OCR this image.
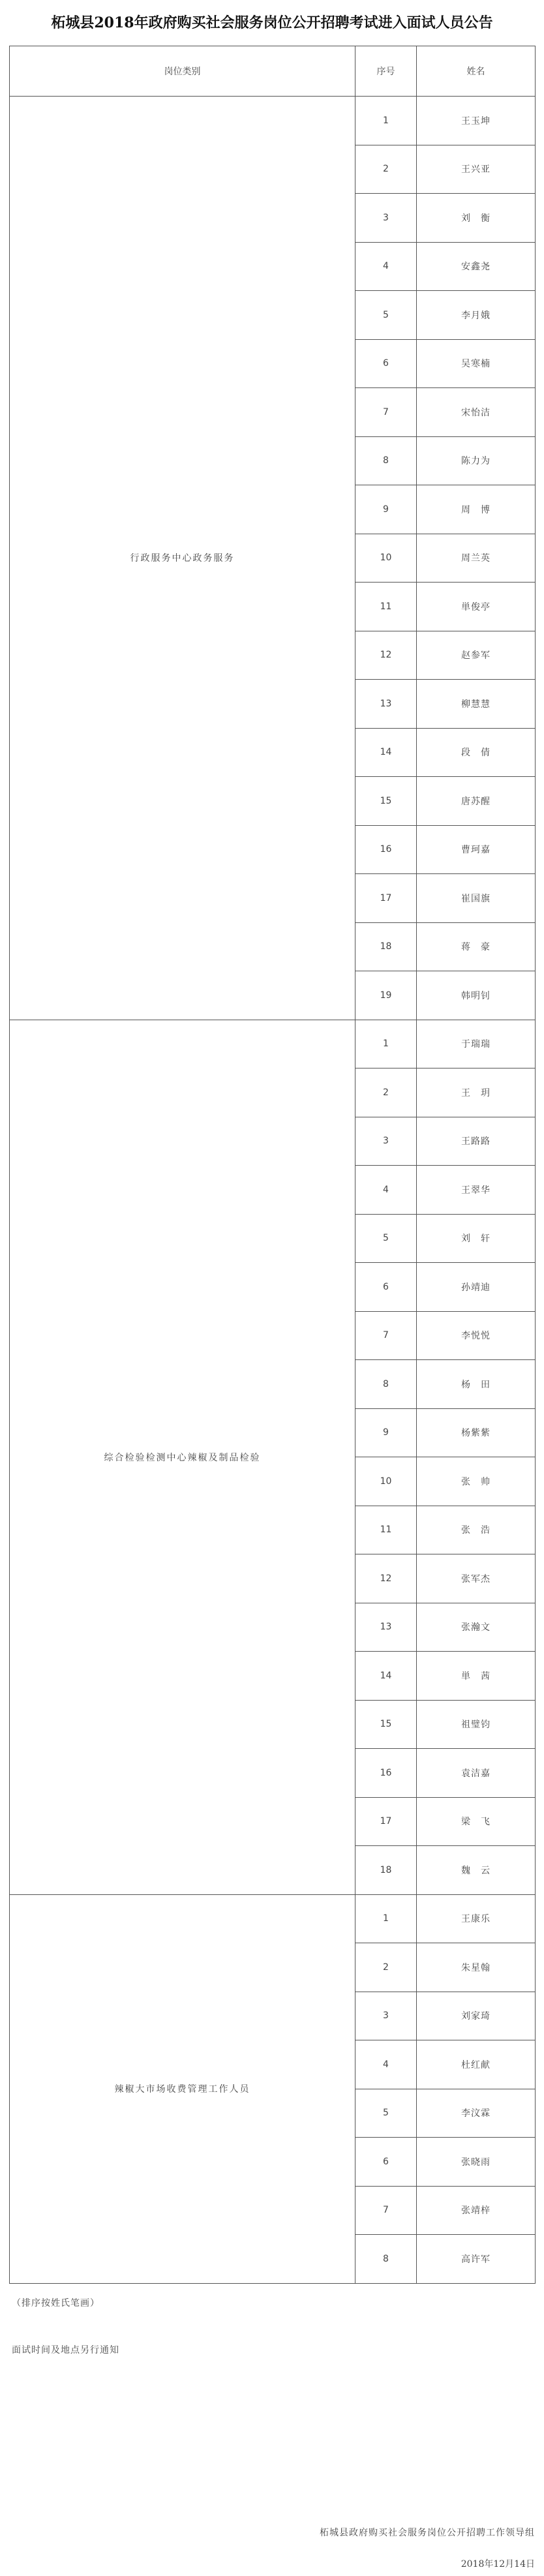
柘城县2018年政府购买社会服务岗位公开招聘考试进入面试人员公告
岗位类别	序号	姓名
行政服务中心政务服务	1	王玉坤
	2	王兴亚
	3	刘　衡
	4	安鑫尧
	5	李月娥
	6	吴寒楠
	7	宋怡洁
	8	陈力为
	9	周　博
	10	周兰英
	11	単俊亭
	12	赵参军
	13	柳慧慧
	14	段　倩
	15	唐苏醒
	16	曹珂嘉
	17	崔国旗
	18	蒋　豪
	19	韩明钊
综合检验检测中心辣椒及制品检验	1	于瑞瑞
	2	王　玥
	3	王路路
	4	王翠华
	5	刘　轩
	6	孙靖迪
	7	李悦悦
	8	杨　田
	9	杨紫紫
	10	张　帅
	11	张　浩
	12	张军杰
	13	张瀚文
	14	単　茜
	15	祖璧钧
	16	袁洁嘉
	17	梁　飞
	18	魏　云
辣椒大市场收费管理工作人员	1	王康乐
	2	朱星翰
	3	刘家琦
	4	杜红献
	5	李汶霖
	6	张晓雨
	7	张靖梓
	8	高许军
（排序按姓氏笔画）
面试时间及地点另行通知
柘城县政府购买社会服务岗位公开招聘工作领导组
2018年12月14日
